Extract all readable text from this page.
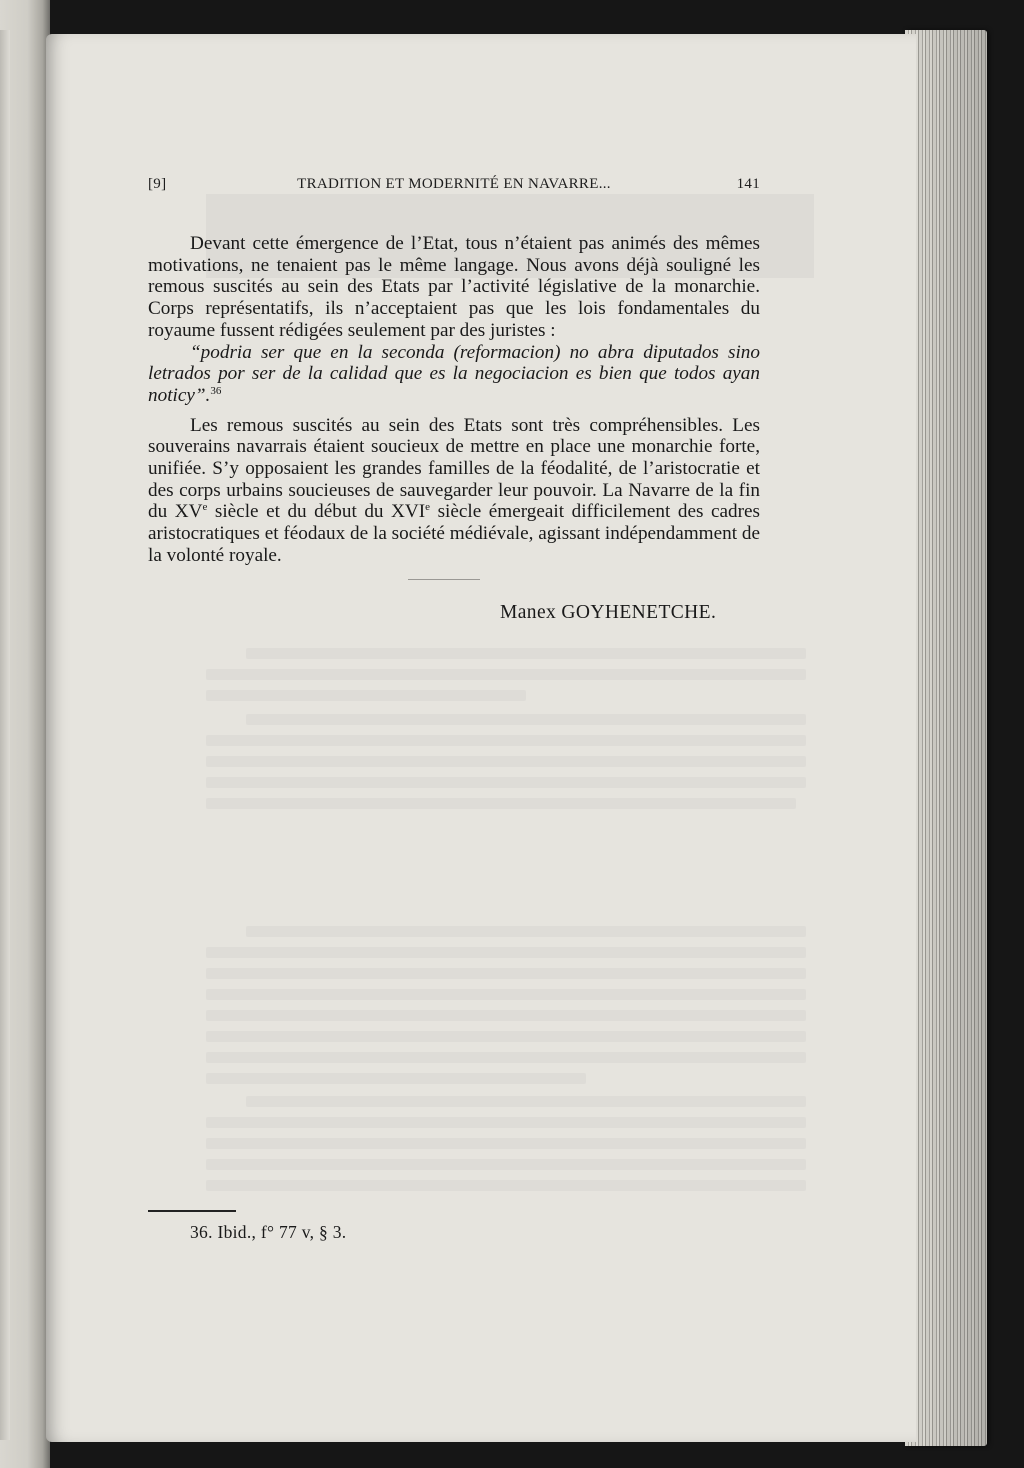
[9]	TRADITION ET MODERNITÉ EN NAVARRE...	141

Devant cette émergence de l’Etat, tous n’étaient pas animés des mêmes motivations, ne tenaient pas le même langage. Nous avons déjà souligné les remous suscités au sein des Etats par l’activité législative de la monarchie. Corps représentatifs, ils n’acceptaient pas que les lois fondamentales du royaume fussent rédigées seulement par des juristes :

“podria ser que en la seconda (reformacion) no abra diputados sino letrados por ser de la calidad que es la negociacion es bien que todos ayan noticy”.$^{36}$

Les remous suscités au sein des Etats sont très compréhensibles. Les souverains navarrais étaient soucieux de mettre en place une monarchie forte, unifiée. S’y opposaient les grandes familles de la féodalité, de l’aristocratie et des corps urbains soucieuses de sauvegarder leur pouvoir. La Navarre de la fin du XVe siècle et du début du XVIe siècle émergeait difficilement des cadres aristocratiques et féodaux de la société médiévale, agissant indépendamment de la volonté royale.

Manex GOYHENETCHE.
36. Ibid., f° 77 v, § 3.
